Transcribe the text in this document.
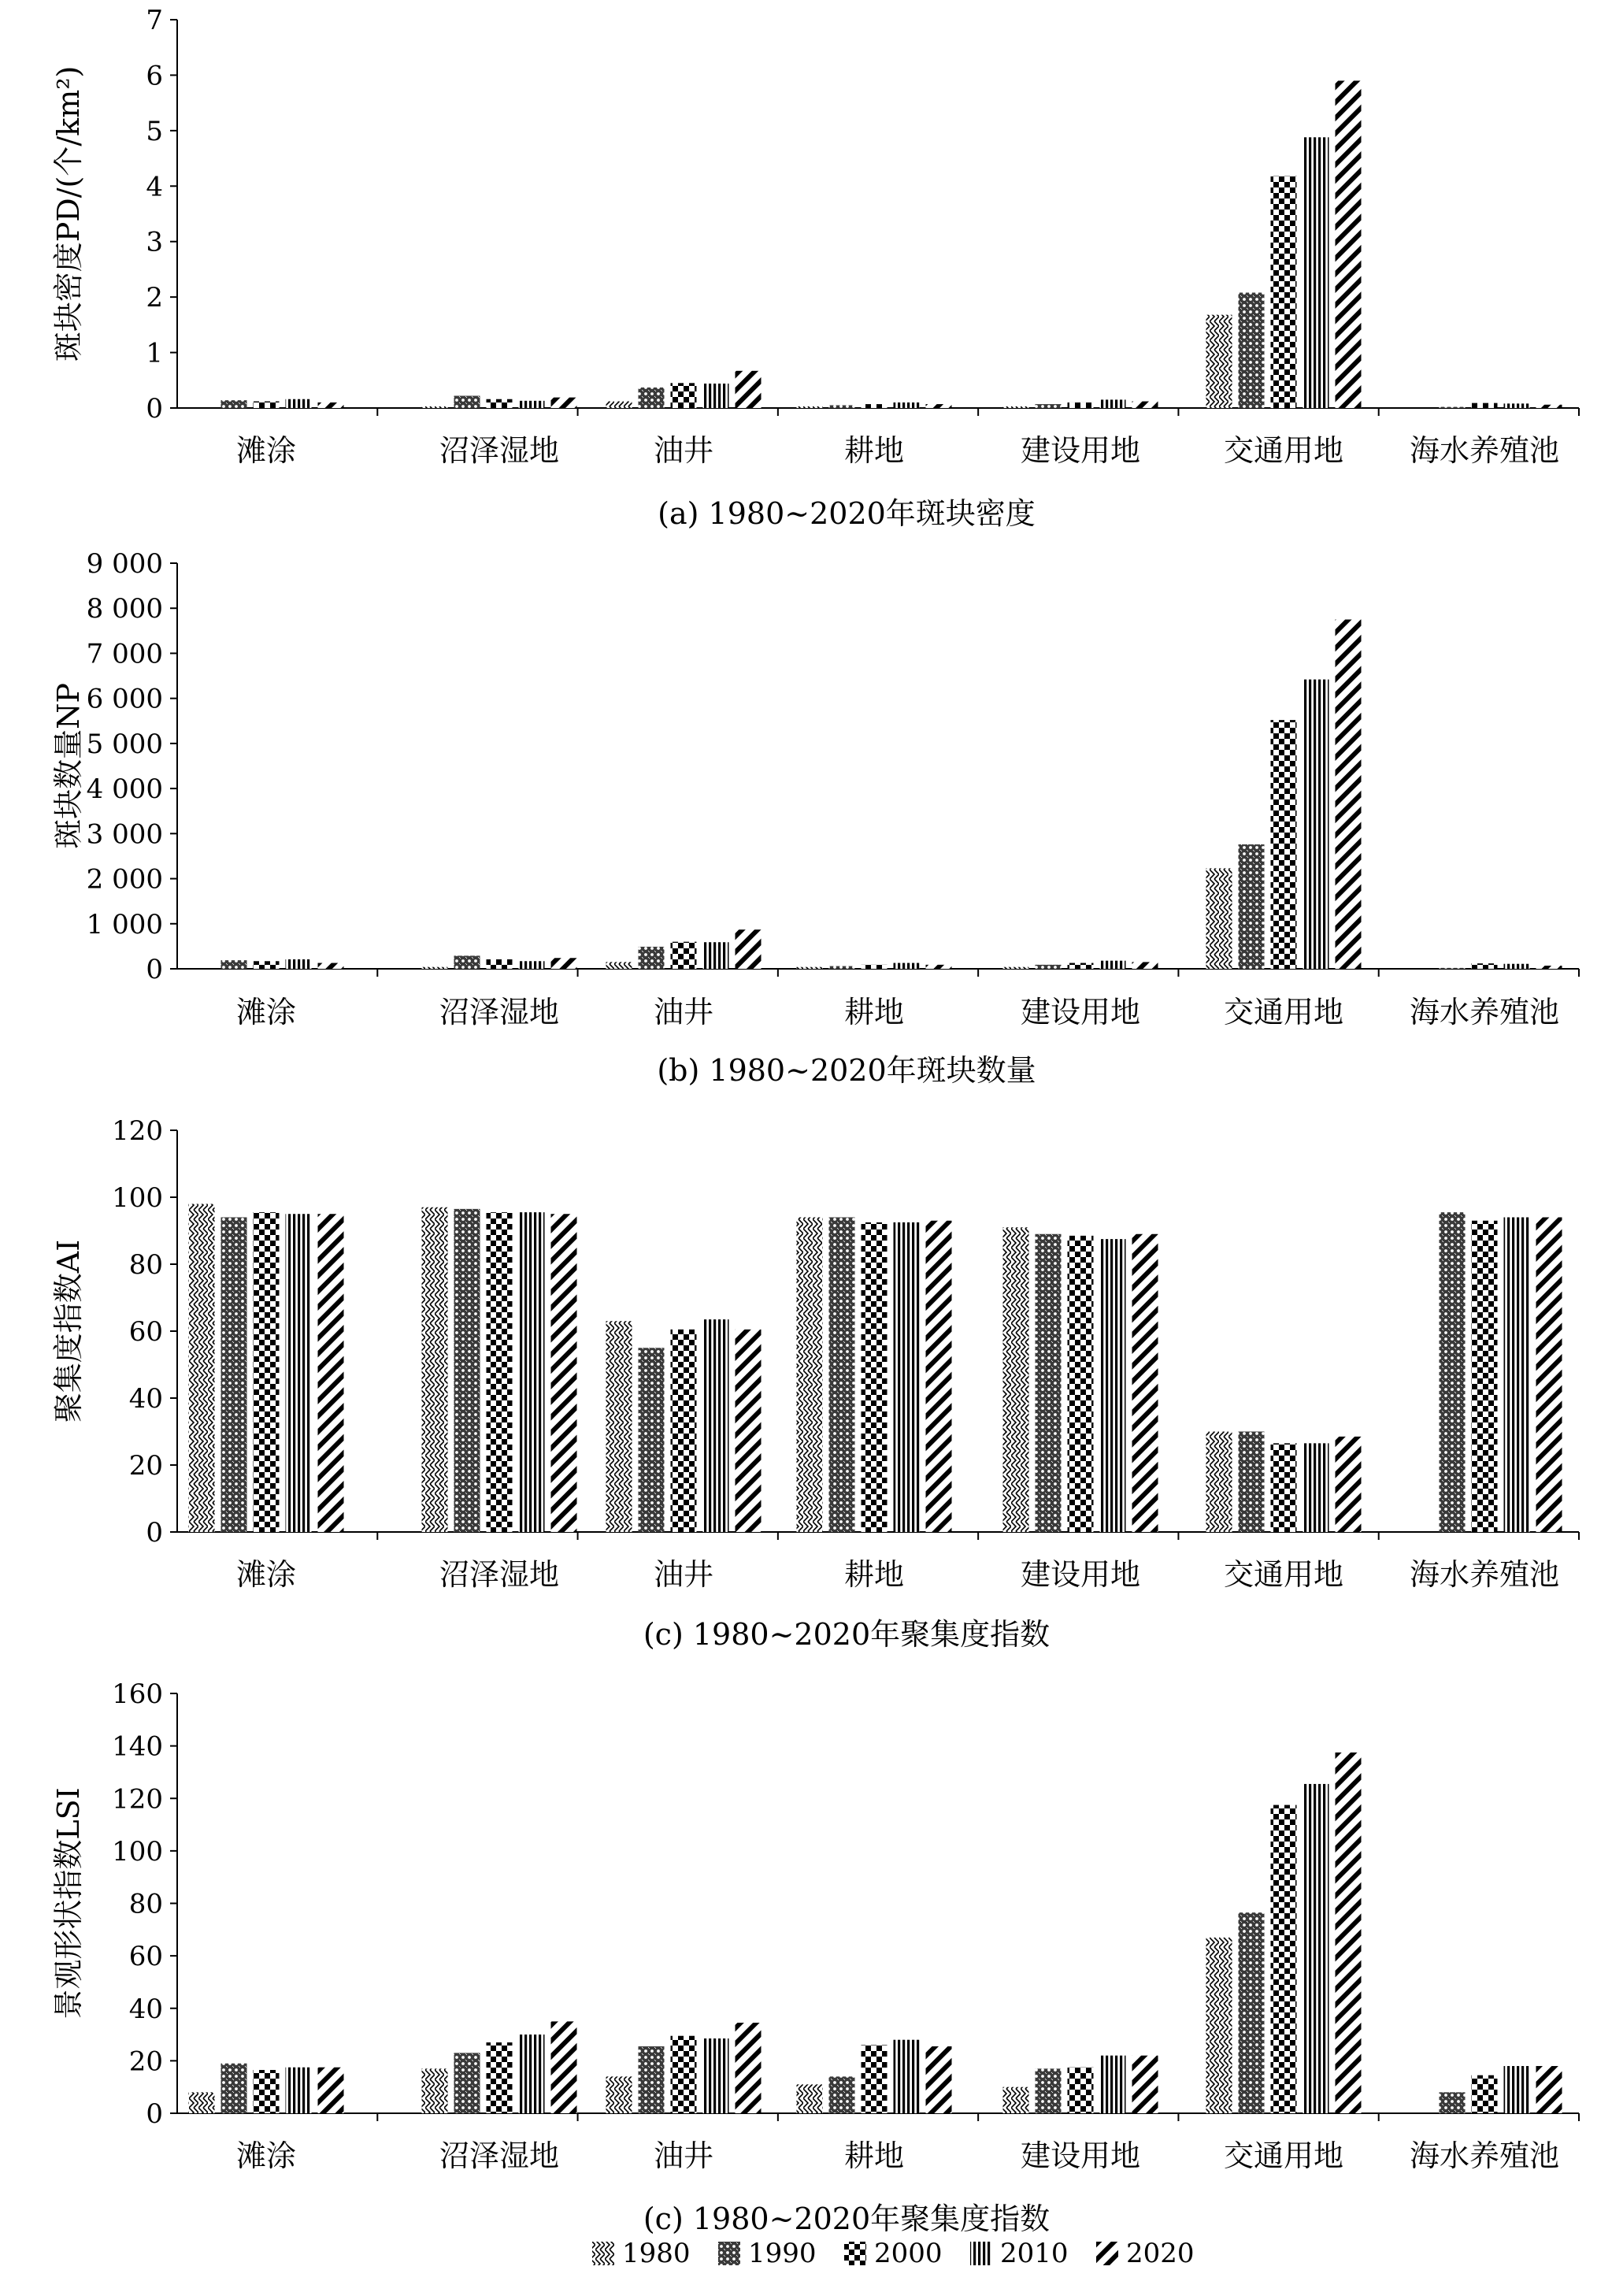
0
1
2
3
4
5
6
7
滩涂	沼泽湿地	油井	耕地	建设用地	交通用地 海水养殖池
斑块密度PD/(个/km²)
(a) 1980~2020年斑块密度
0
1 000
2 000
3 000
4 000
5 000
6 000
7 000
8 000
9 000
滩涂	沼泽湿地	油井	耕地	建设用地	交通用地 海水养殖池
斑块数量NP
(b) 1980~2020年斑块数量
0
20
40
60
80
100
120
滩涂	沼泽湿地	油井	耕地	建设用地	交通用地 海水养殖池
聚集度指数AI
(c) 1980~2020年聚集度指数
0
20
40
60
80
100
120
140
160
滩涂	沼泽湿地	油井	耕地	建设用地	交通用地 海水养殖池
景观形状指数LSI
(c) 1980~2020年聚集度指数
1980 1990 2000 2010 2020
